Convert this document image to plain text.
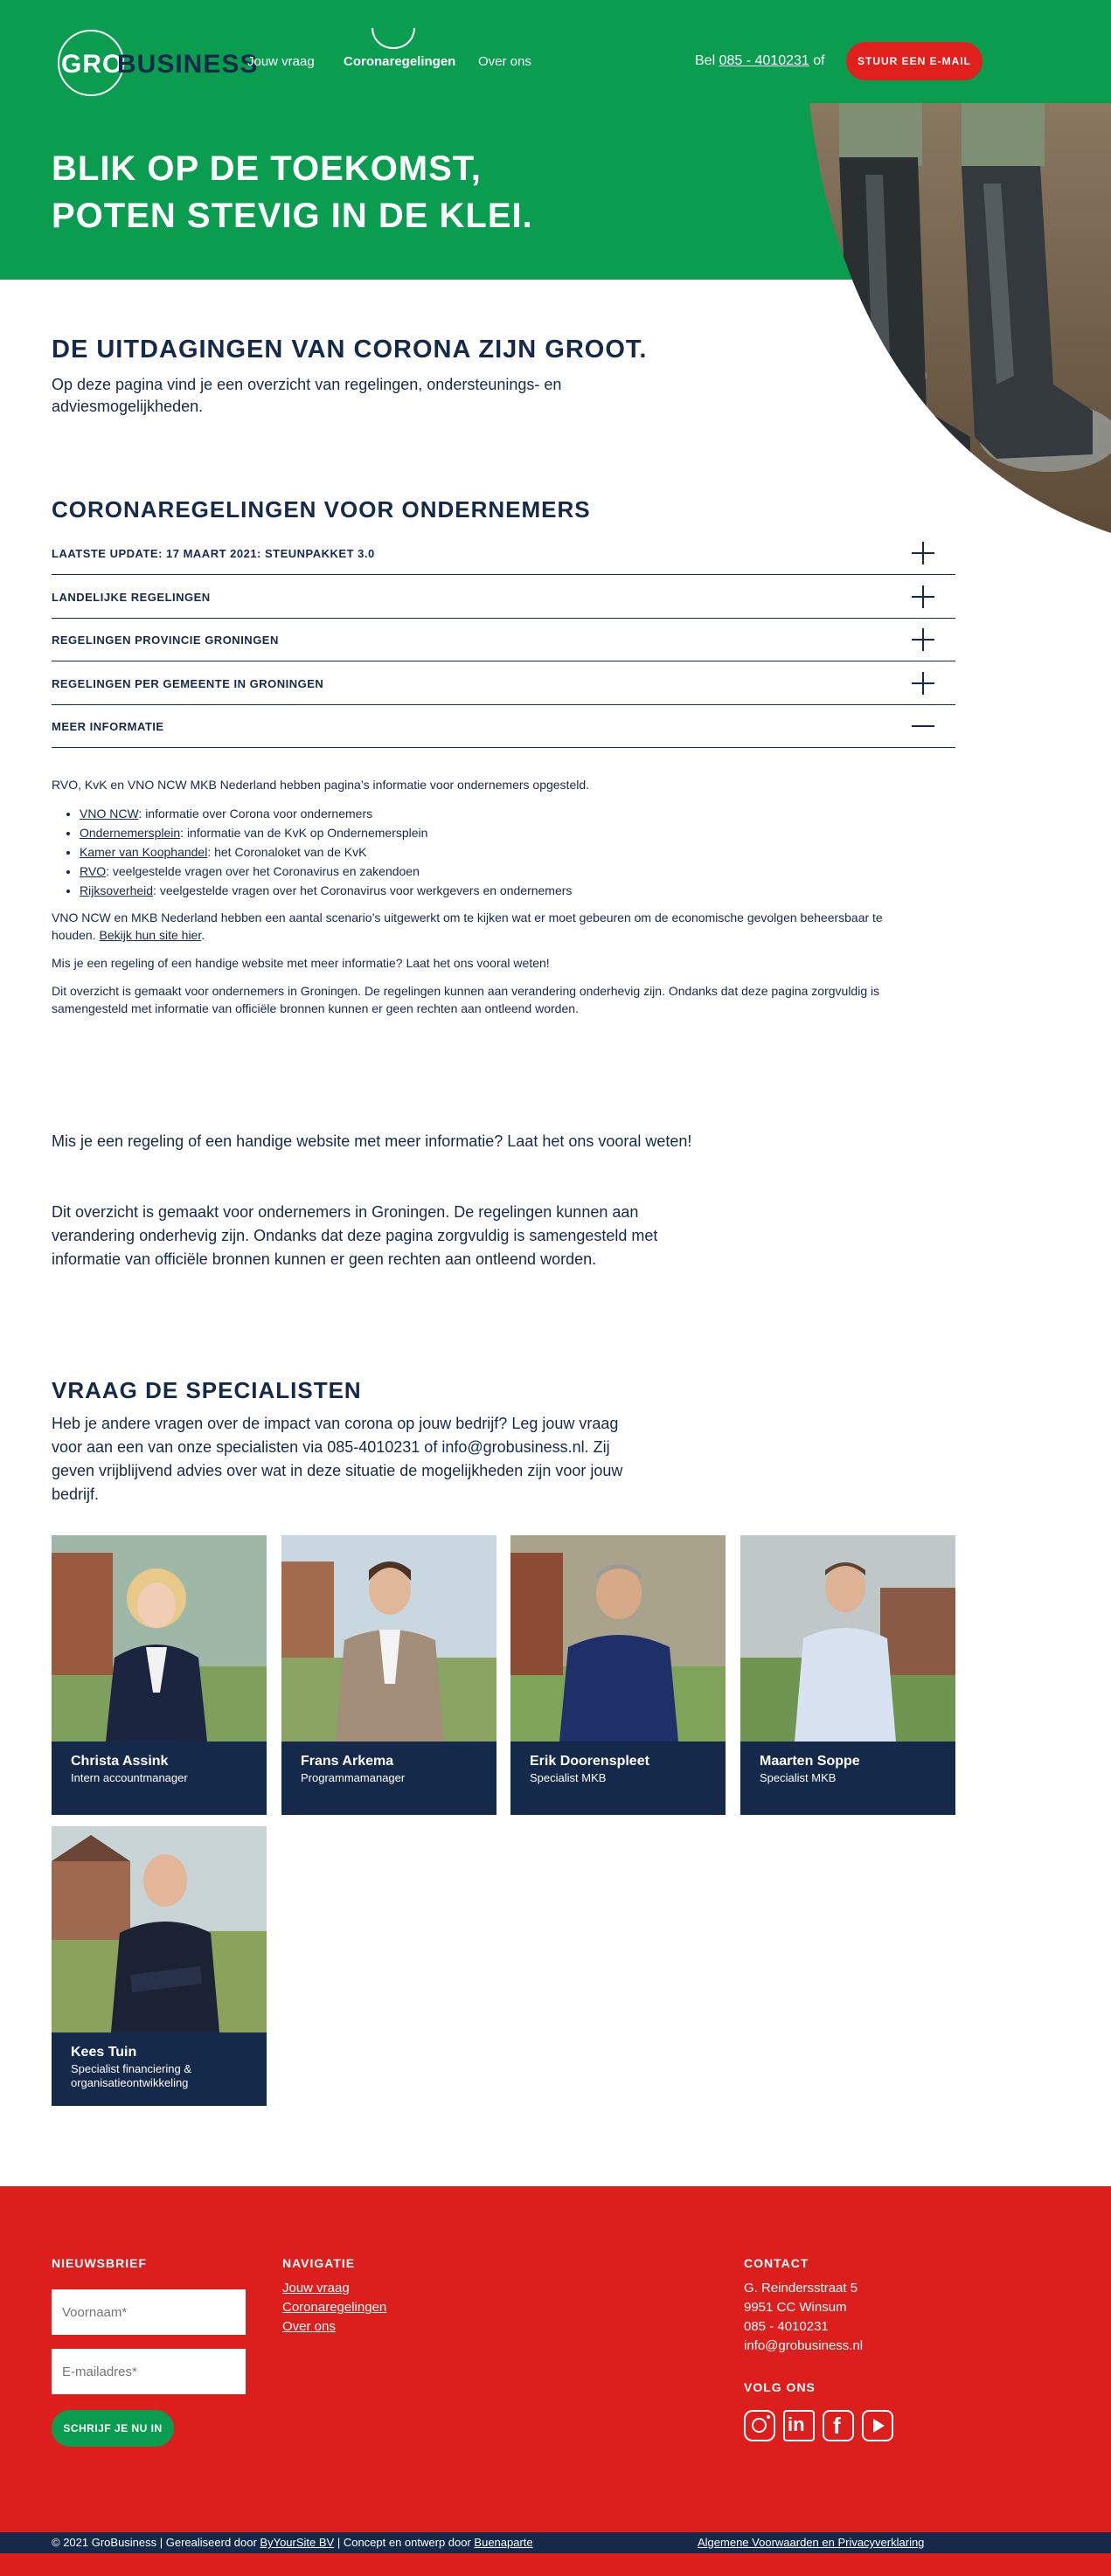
GRO
BUSINESS
Jouw vraag Coronaregelingen Over ons	Bel 085 - 4010231 of	STUUR EEN E-MAIL
BLIK OP DE TOEKOMST,
POTEN STEVIG IN DE KLEI.
DE UITDAGINGEN VAN CORONA ZIJN GROOT.
Op deze pagina vind je een overzicht van regelingen, ondersteunings- en adviesmogelijkheden.
CORONAREGELINGEN VOOR ONDERNEMERS
LAATSTE UPDATE: 17 MAART 2021: STEUNPAKKET 3.0
LANDELIJKE REGELINGEN
REGELINGEN PROVINCIE GRONINGEN
REGELINGEN PER GEMEENTE IN GRONINGEN
MEER INFORMATIE

RVO, KvK en VNO NCW MKB Nederland hebben pagina’s informatie voor ondernemers opgesteld.

• VNO NCW: informatie over Corona voor ondernemers
• Ondernemersplein: informatie van de KvK op Ondernemersplein
• Kamer van Koophandel: het Coronaloket van de KvK
• RVO: veelgestelde vragen over het Coronavirus en zakendoen
• Rijksoverheid: veelgestelde vragen over het Coronavirus voor werkgevers en ondernemers

VNO NCW en MKB Nederland hebben een aantal scenario’s uitgewerkt om te kijken wat er moet gebeuren om de economische gevolgen beheersbaar te houden. Bekijk hun site hier.

Mis je een regeling of een handige website met meer informatie? Laat het ons vooral weten!

Dit overzicht is gemaakt voor ondernemers in Groningen. De regelingen kunnen aan verandering onderhevig zijn. Ondanks dat deze pagina zorgvuldig is samengesteld met informatie van officiële bronnen kunnen er geen rechten aan ontleend worden.

Mis je een regeling of een handige website met meer informatie? Laat het ons vooral weten!
Dit overzicht is gemaakt voor ondernemers in Groningen. De regelingen kunnen aan verandering onderhevig zijn. Ondanks dat deze pagina zorgvuldig is samengesteld met informatie van officiële bronnen kunnen er geen rechten aan ontleend worden.
VRAAG DE SPECIALISTEN
Heb je andere vragen over de impact van corona op jouw bedrijf? Leg jouw vraag voor aan een van onze specialisten via 085-4010231 of info@grobusiness.nl. Zij geven vrijblijvend advies over wat in deze situatie de mogelijkheden zijn voor jouw bedrijf.
Christa Assink
Intern accountmanager
Frans Arkema
Programmamanager
Erik Doorenspleet
Specialist MKB
Maarten Soppe
Specialist MKB
Kees Tuin
Specialist financiering & organisatieontwikkeling
NIEUWSBRIEF
Voornaam*
E-mailadres*
SCHRIJF JE NU IN
NAVIGATIE
Jouw vraag
Coronaregelingen
Over ons
CONTACT
G. Reindersstraat 5
9951 CC Winsum
085 - 4010231
info@grobusiness.nl
VOLG ONS
in f
© 2021 GroBusiness | Gerealiseerd door ByYourSite BV | Concept en ontwerp door Buenaparte	Algemene Voorwaarden en Privacyverklaring
